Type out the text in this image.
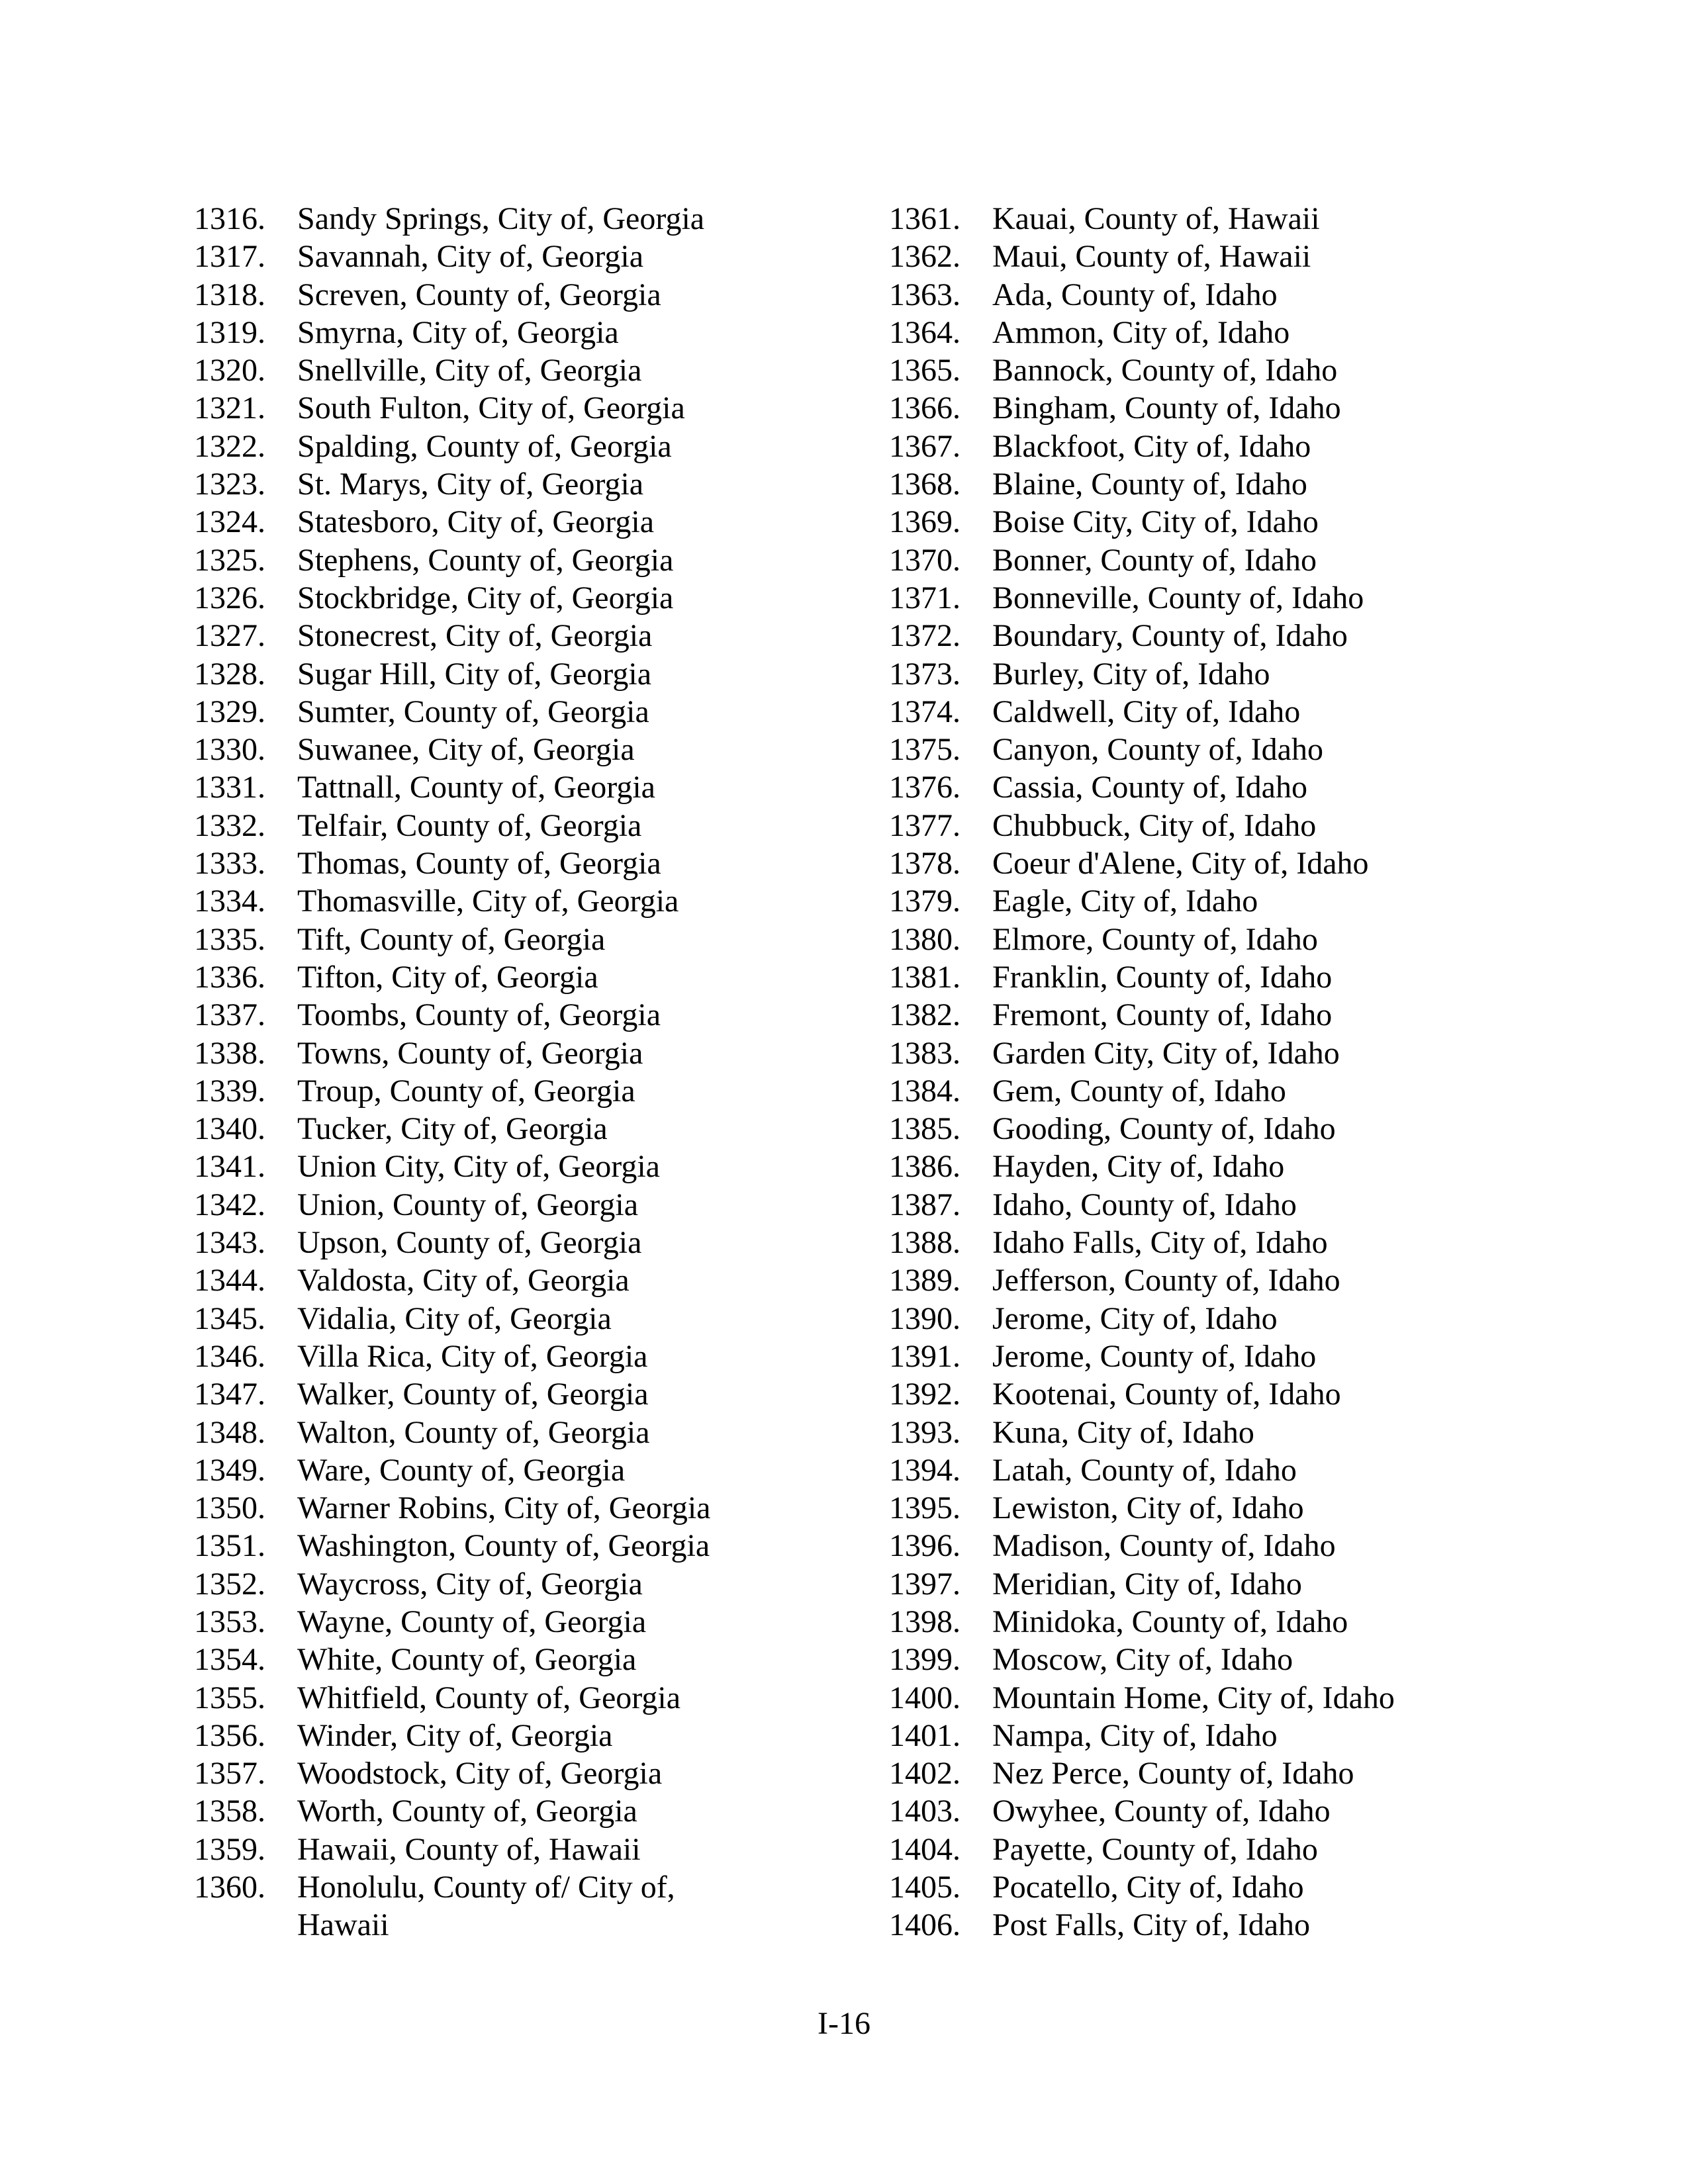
1316.	Sandy Springs, City of, Georgia
1317.	Savannah, City of, Georgia
1318.	Screven, County of, Georgia
1319.	Smyrna, City of, Georgia
1320.	Snellville, City of, Georgia
1321.	South Fulton, City of, Georgia
1322.	Spalding, County of, Georgia
1323.	St. Marys, City of, Georgia
1324.	Statesboro, City of, Georgia
1325.	Stephens, County of, Georgia
1326.	Stockbridge, City of, Georgia
1327.	Stonecrest, City of, Georgia
1328.	Sugar Hill, City of, Georgia
1329.	Sumter, County of, Georgia
1330.	Suwanee, City of, Georgia
1331.	Tattnall, County of, Georgia
1332.	Telfair, County of, Georgia
1333.	Thomas, County of, Georgia
1334.	Thomasville, City of, Georgia
1335.	Tift, County of, Georgia
1336.	Tifton, City of, Georgia
1337.	Toombs, County of, Georgia
1338.	Towns, County of, Georgia
1339.	Troup, County of, Georgia
1340.	Tucker, City of, Georgia
1341.	Union City, City of, Georgia
1342.	Union, County of, Georgia
1343.	Upson, County of, Georgia
1344.	Valdosta, City of, Georgia
1345.	Vidalia, City of, Georgia
1346.	Villa Rica, City of, Georgia
1347.	Walker, County of, Georgia
1348.	Walton, County of, Georgia
1349.	Ware, County of, Georgia
1350.	Warner Robins, City of, Georgia
1351.	Washington, County of, Georgia
1352.	Waycross, City of, Georgia
1353.	Wayne, County of, Georgia
1354.	White, County of, Georgia
1355.	Whitfield, County of, Georgia
1356.	Winder, City of, Georgia
1357.	Woodstock, City of, Georgia
1358.	Worth, County of, Georgia
1359.	Hawaii, County of, Hawaii
1360.	Honolulu, County of/ City of, Hawaii
1361.	Kauai, County of, Hawaii
1362.	Maui, County of, Hawaii
1363.	Ada, County of, Idaho
1364.	Ammon, City of, Idaho
1365.	Bannock, County of, Idaho
1366.	Bingham, County of, Idaho
1367.	Blackfoot, City of, Idaho
1368.	Blaine, County of, Idaho
1369.	Boise City, City of, Idaho
1370.	Bonner, County of, Idaho
1371.	Bonneville, County of, Idaho
1372.	Boundary, County of, Idaho
1373.	Burley, City of, Idaho
1374.	Caldwell, City of, Idaho
1375.	Canyon, County of, Idaho
1376.	Cassia, County of, Idaho
1377.	Chubbuck, City of, Idaho
1378.	Coeur d'Alene, City of, Idaho
1379.	Eagle, City of, Idaho
1380.	Elmore, County of, Idaho
1381.	Franklin, County of, Idaho
1382.	Fremont, County of, Idaho
1383.	Garden City, City of, Idaho
1384.	Gem, County of, Idaho
1385.	Gooding, County of, Idaho
1386.	Hayden, City of, Idaho
1387.	Idaho, County of, Idaho
1388.	Idaho Falls, City of, Idaho
1389.	Jefferson, County of, Idaho
1390.	Jerome, City of, Idaho
1391.	Jerome, County of, Idaho
1392.	Kootenai, County of, Idaho
1393.	Kuna, City of, Idaho
1394.	Latah, County of, Idaho
1395.	Lewiston, City of, Idaho
1396.	Madison, County of, Idaho
1397.	Meridian, City of, Idaho
1398.	Minidoka, County of, Idaho
1399.	Moscow, City of, Idaho
1400.	Mountain Home, City of, Idaho
1401.	Nampa, City of, Idaho
1402.	Nez Perce, County of, Idaho
1403.	Owyhee, County of, Idaho
1404.	Payette, County of, Idaho
1405.	Pocatello, City of, Idaho
1406.	Post Falls, City of, Idaho
I-16
